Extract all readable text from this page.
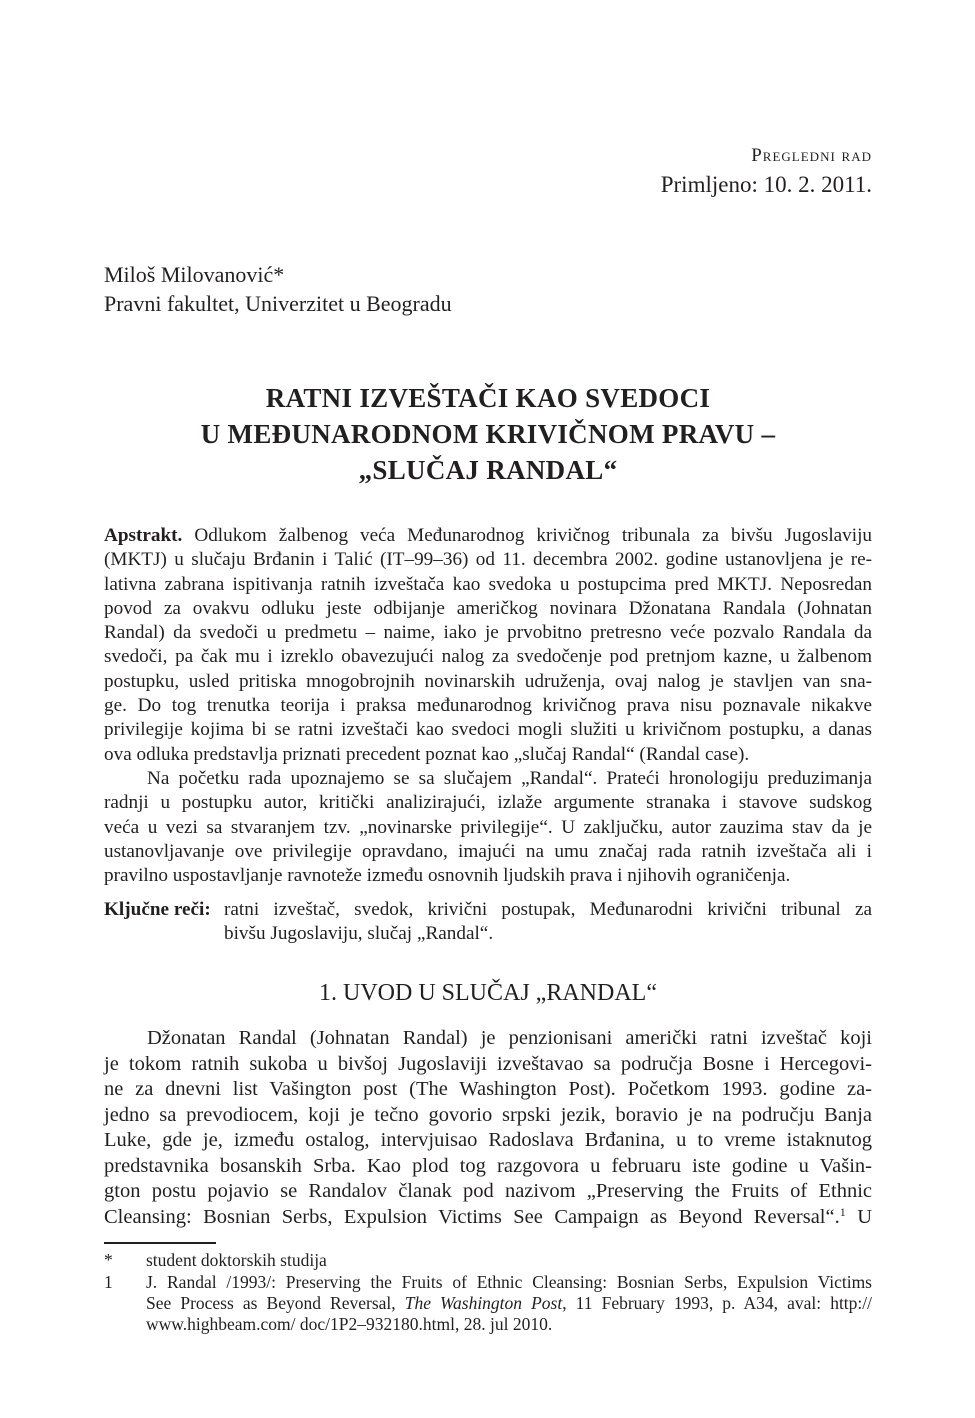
Pregledni rad
Primljeno: 10. 2. 2011.
Miloš Milovanović*
Pravni fakultet, Univerzitet u Beogradu
RATNI IZVEŠTAČI KAO SVEDOCI
U MEĐUNARODNOM KRIVIČNOM PRAVU –
„SLUČAJ RANDAL“
Apstrakt. Odlukom žalbenog veća Međunarodnog krivičnog tribunala za bivšu Jugoslaviju
(MKTJ) u slučaju Brđanin i Talić (IT–99–36) od 11. decembra 2002. godine ustanovljena je re-
lativna zabrana ispitivanja ratnih izveštača kao svedoka u postupcima pred MKTJ. Neposredan
povod za ovakvu odluku jeste odbijanje američkog novinara Džonatana Randala (Johnatan
Randal) da svedoči u predmetu – naime, iako je prvobitno pretresno veće pozvalo Randala da
svedoči, pa čak mu i izreklo obavezujući nalog za svedočenje pod pretnjom kazne, u žalbenom
postupku, usled pritiska mnogobrojnih novinarskih udruženja, ovaj nalog je stavljen van sna-
ge. Do tog trenutka teorija i praksa međunarodnog krivičnog prava nisu poznavale nikakve
privilegije kojima bi se ratni izveštači kao svedoci mogli služiti u krivičnom postupku, a danas
ova odluka predstavlja priznati precedent poznat kao „slučaj Randal“ (Randal case).
Na početku rada upoznajemo se sa slučajem „Randal“. Prateći hronologiju preduzimanja
radnji u postupku autor, kritički analizirajući, izlaže argumente stranaka i stavove sudskog
veća u vezi sa stvaranjem tzv. „novinarske privilegije“. U zaključku, autor zauzima stav da je
ustanovljavanje ove privilegije opravdano, imajući na umu značaj rada ratnih izveštača ali i
pravilno uspostavljanje ravnoteže između osnovnih ljudskih prava i njihovih ograničenja.
Ključne reči: ratni izveštač, svedok, krivični postupak, Međunarodni krivični tribunal za
bivšu Jugoslaviju, slučaj „Randal“.
1. UVOD U SLUČAJ „RANDAL“
Džonatan Randal (Johnatan Randal) je penzionisani američki ratni izveštač koji
je tokom ratnih sukoba u bivšoj Jugoslaviji izveštavao sa područja Bosne i Hercegovi-
ne za dnevni list Vašington post (The Washington Post). Početkom 1993. godine za-
jedno sa prevodiocem, koji je tečno govorio srpski jezik, boravio je na području Banja
Luke, gde je, između ostalog, intervjuisao Radoslava Brđanina, u to vreme istaknutog
predstavnika bosanskih Srba. Kao plod tog razgovora u februaru iste godine u Vašin-
gton postu pojavio se Randalov članak pod nazivom „Preserving the Fruits of Ethnic
Cleansing: Bosnian Serbs, Expulsion Victims See Campaign as Beyond Reversal“.$^1$ U
* student doktorskih studija
1 J. Randal /1993/: Preserving the Fruits of Ethnic Cleansing: Bosnian Serbs, Expulsion Victims
See Process as Beyond Reversal, The Washington Post, 11 February 1993, p. A34, aval: http://
www.highbeam.com/ doc/1P2–932180.html, 28. jul 2010.
